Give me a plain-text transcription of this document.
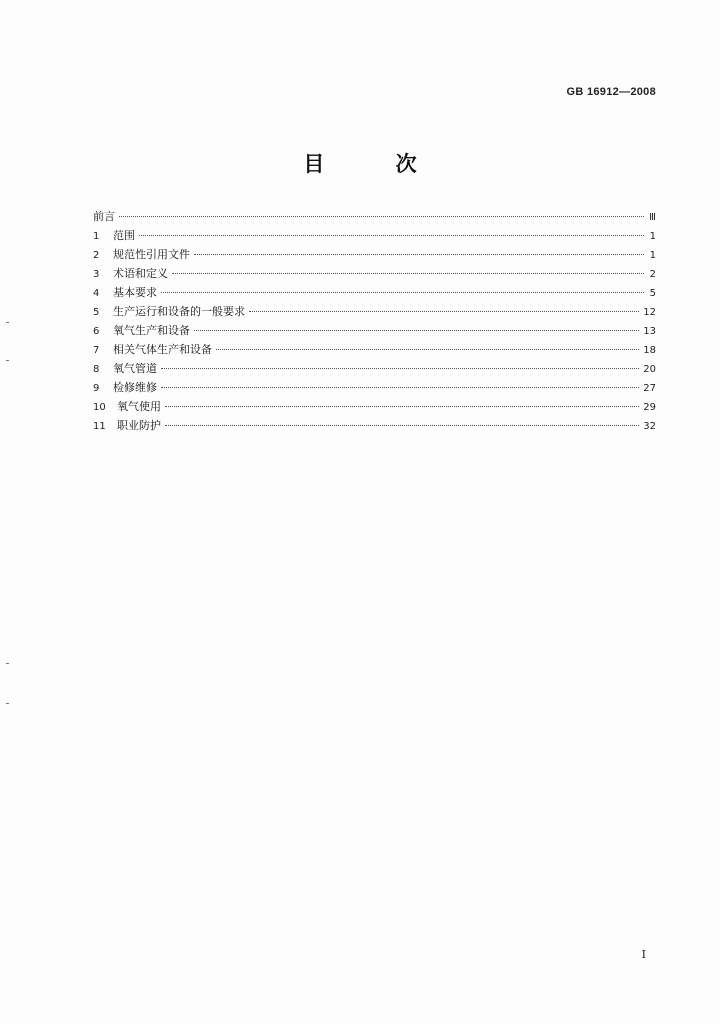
GB 16912—2008
目 次
前言	Ⅲ
1	范围	1
2	规范性引用文件	1
3	术语和定义	2
4	基本要求	5
5	生产运行和设备的一般要求	12
6	氧气生产和设备	13
7	相关气体生产和设备	18
8	氧气管道	20
9	检修维修	27
10	氧气使用	29
11	职业防护	32
I
